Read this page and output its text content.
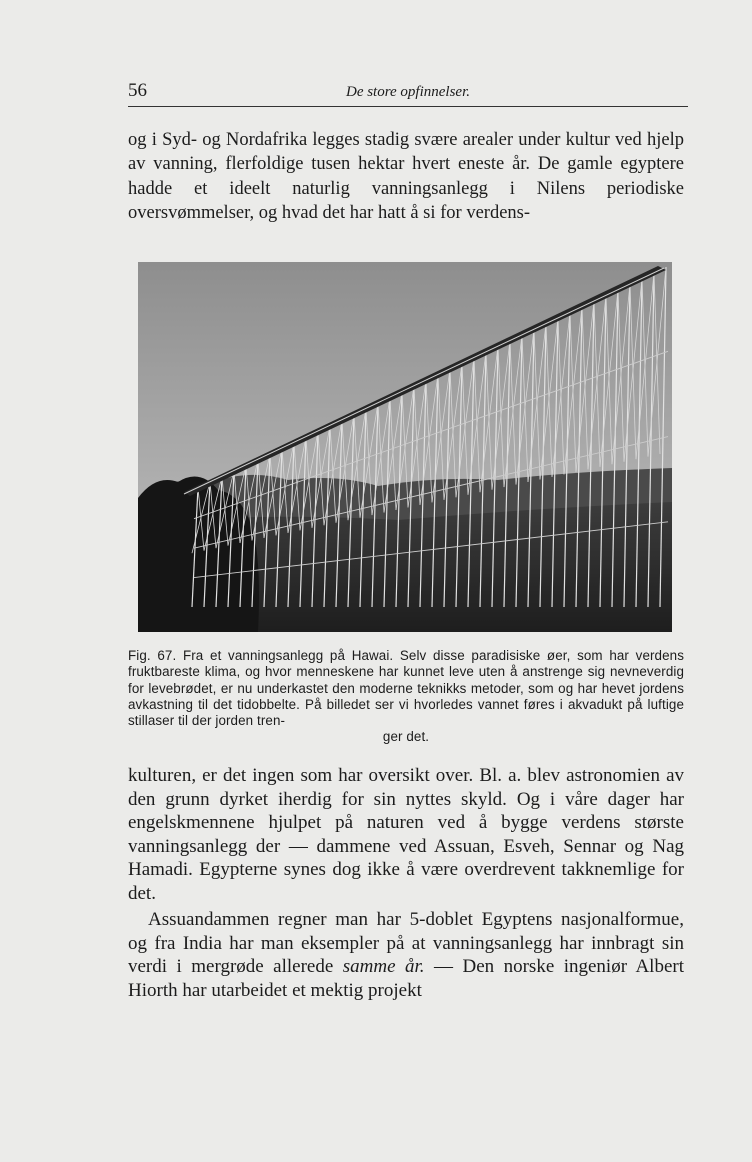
56	De store opfinnelser.

og i Syd- og Nordafrika legges stadig svære arealer under kultur ved hjelp av vanning, flerfoldige tusen hektar hvert eneste år. De gamle egyptere hadde et ideelt naturlig vanningsanlegg i Nilens periodiske oversvømmelser, og hvad det har hatt å si for verdens-

Fig. 67. Fra et vanningsanlegg på Hawai. Selv disse paradisiske øer, som har verdens fruktbareste klima, og hvor menneskene har kunnet leve uten å anstrenge sig nevneverdig for levebrødet, er nu underkastet den moderne teknikks metoder, som og har hevet jordens avkastning til det tidobbelte. På billedet ser vi hvorledes vannet føres i akvadukt på luftige stillaser til der jorden tren-
ger det.

kulturen, er det ingen som har oversikt over. Bl. a. blev astronomien av den grunn dyrket iherdig for sin nyttes skyld. Og i våre dager har engelskmennene hjulpet på naturen ved å bygge verdens største vanningsanlegg der — dammene ved Assuan, Esveh, Sennar og Nag Hamadi. Egypterne synes dog ikke å være overdrevent takknemlige for det.

Assuandammen regner man har 5-doblet Egyptens nasjonalformue, og fra India har man eksempler på at vanningsanlegg har innbragt sin verdi i mergrøde allerede samme år. — Den norske ingeniør Albert Hiorth har utarbeidet et mektig projekt
